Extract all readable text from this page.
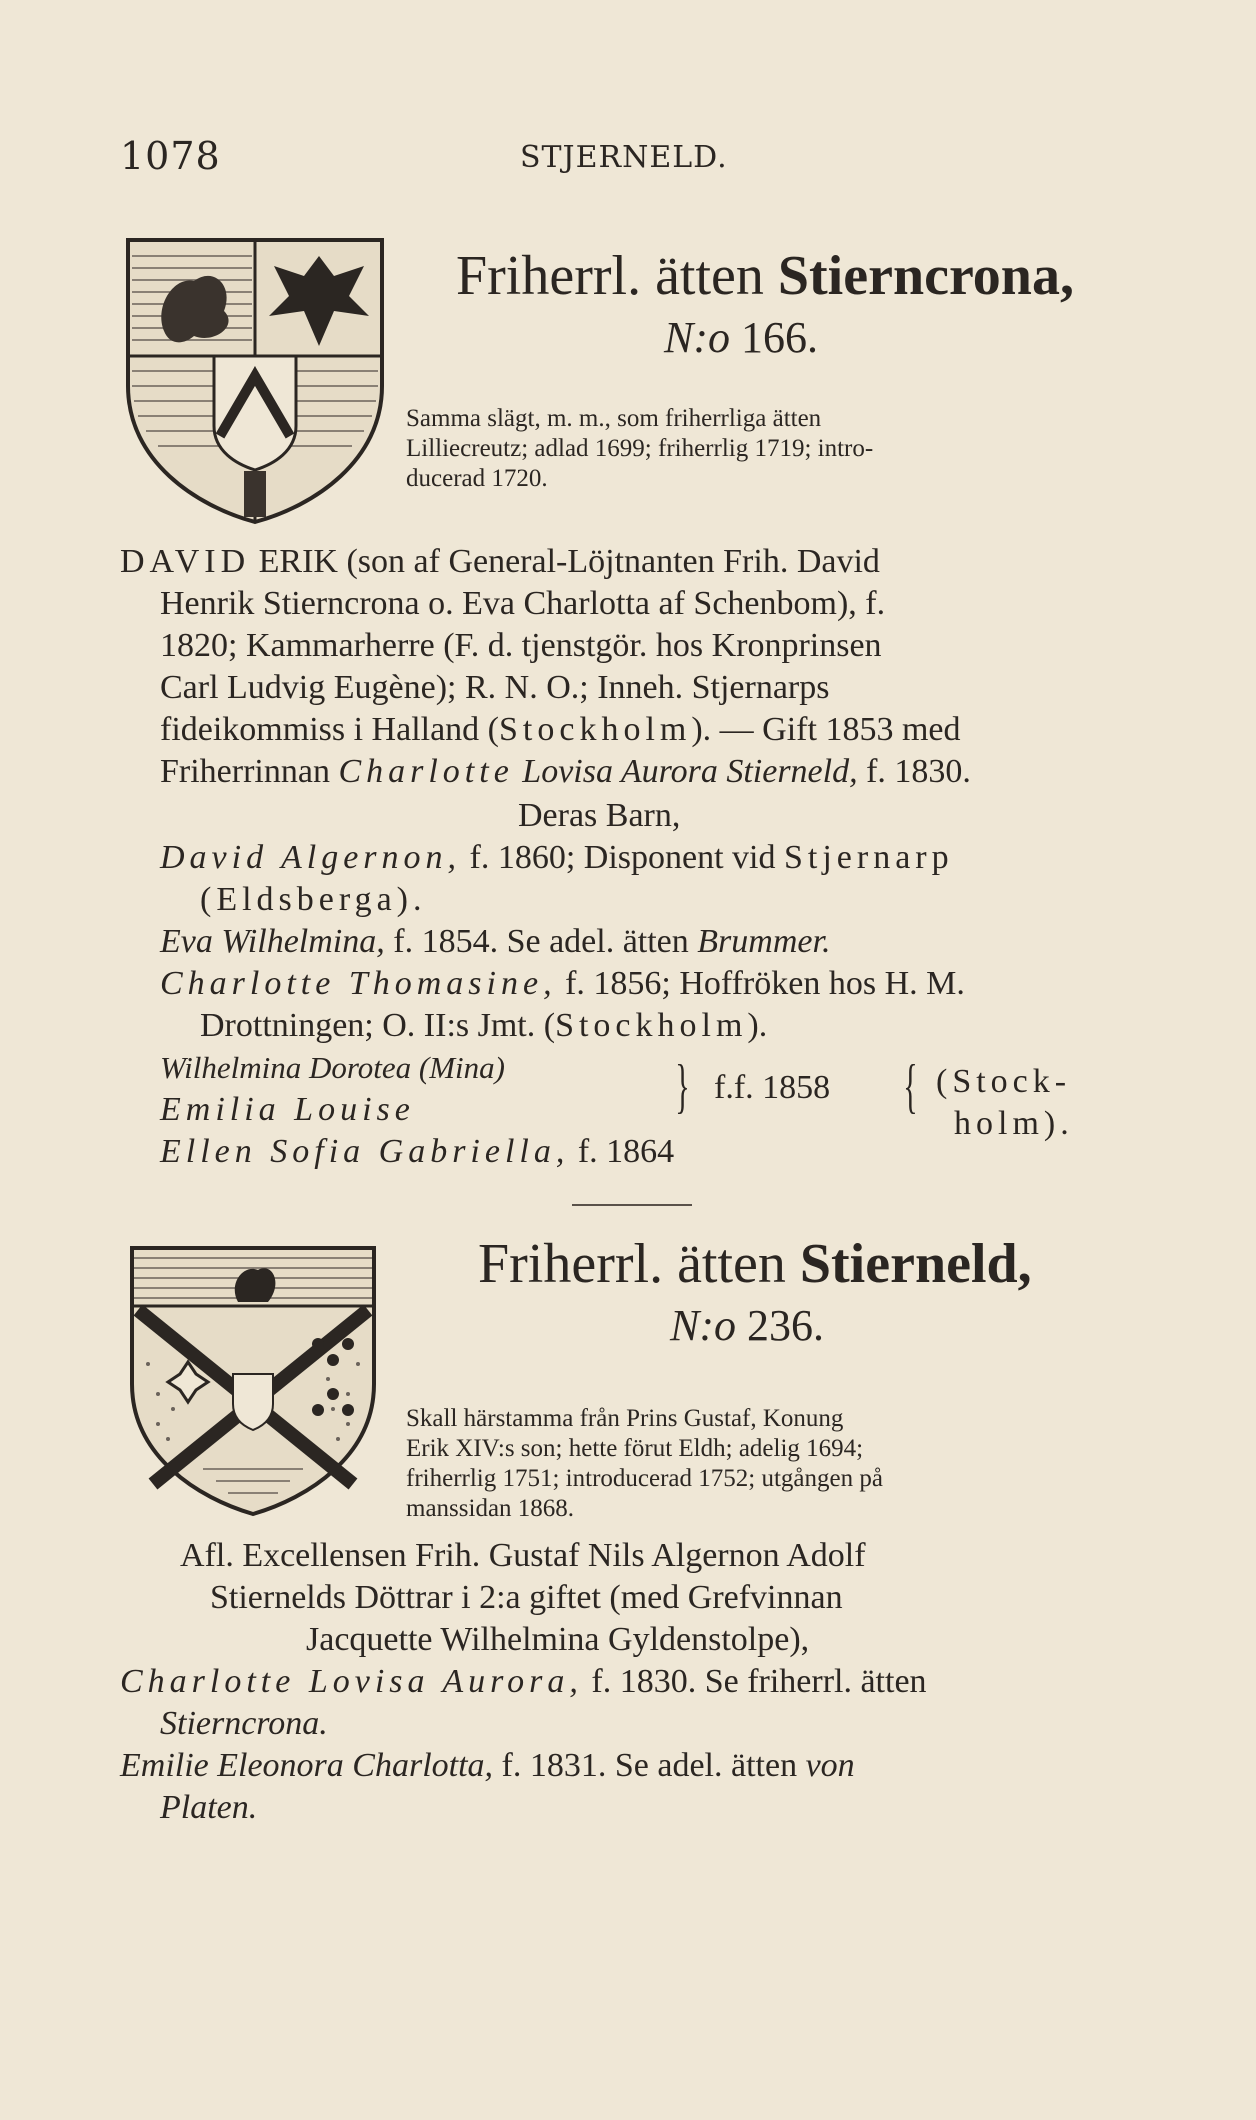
1078	STJERNELD.
Friherrl. ätten Stierncrona,
N:o 166.
Samma slägt, m. m., som friherrliga ätten
Lilliecreutz; adlad 1699; friherrlig 1719; intro-
ducerad 1720.
DAVID ERIK (son af General-Löjtnanten Frih. David
Henrik Stierncrona o. Eva Charlotta af Schenbom), f.
1820; Kammarherre (F. d. tjenstgör. hos Kronprinsen
Carl Ludvig Eugène); R. N. O.; Inneh. Stjernarps
fideikommiss i Halland (Stockholm). — Gift 1853 med
Friherrinnan Charlotte Lovisa Aurora Stierneld, f. 1830.
Deras Barn,
David Algernon, f. 1860; Disponent vid Stjernarp
(Eldsberga).
Eva Wilhelmina, f. 1854. Se adel. ätten Brummer.
Charlotte Thomasine, f. 1856; Hoffröken hos H. M.
Drottningen; O. II:s Jmt. (Stockholm).
Wilhelmina Dorotea (Mina)
Emilia Louise	} f.f. 1858 { (Stock-
holm).
Ellen Sofia Gabriella, f. 1864
Friherrl. ätten Stierneld,
N:o 236.
Skall härstamma från Prins Gustaf, Konung
Erik XIV:s son; hette förut Eldh; adelig 1694;
friherrlig 1751; introducerad 1752; utgången på
manssidan 1868.
Afl. Excellensen Frih. Gustaf Nils Algernon Adolf
Stiernelds Döttrar i 2:a giftet (med Grefvinnan
Jacquette Wilhelmina Gyldenstolpe),
Charlotte Lovisa Aurora, f. 1830. Se friherrl. ätten
Stierncrona.
Emilie Eleonora Charlotta, f. 1831. Se adel. ätten von
Platen.
